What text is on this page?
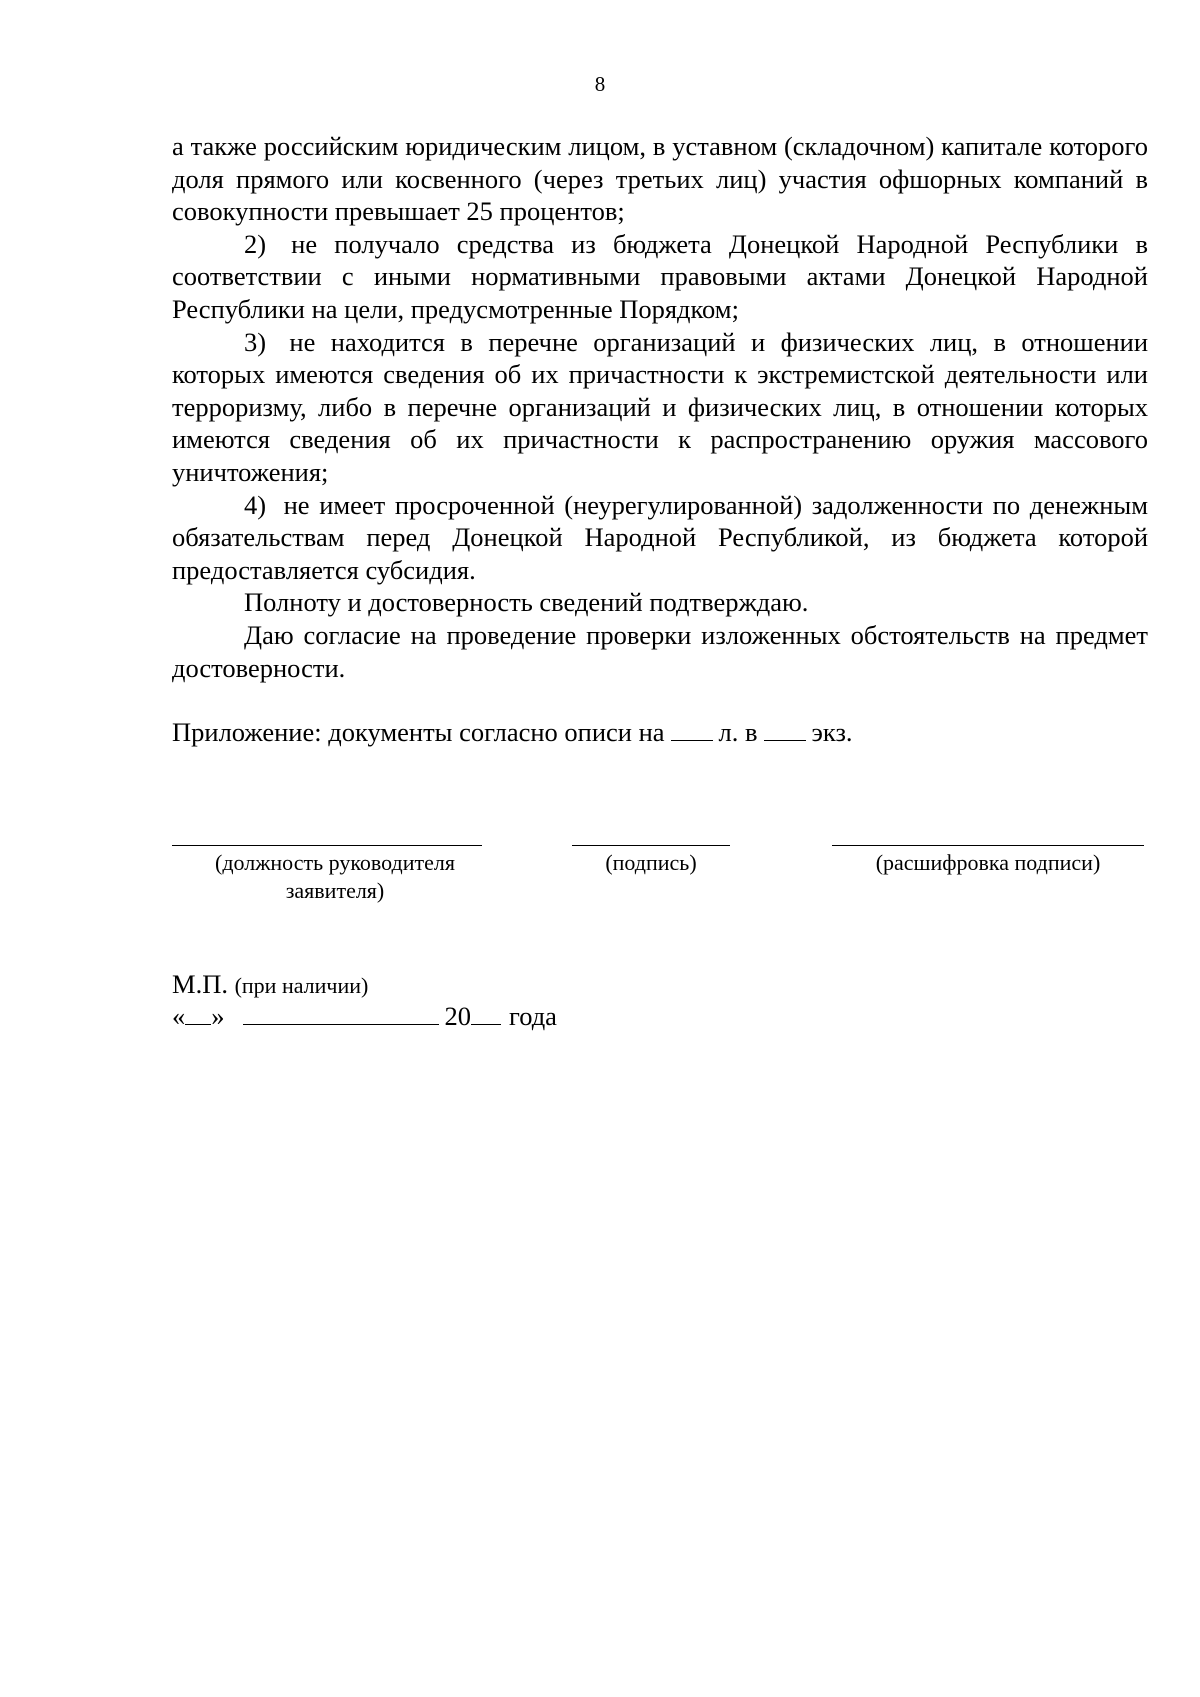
8

а также российским юридическим лицом, в уставном (складочном) капитале которого доля прямого или косвенного (через третьих лиц) участия офшорных компаний в совокупности превышает 25 процентов;

2) не получало средства из бюджета Донецкой Народной Республики в соответствии с иными нормативными правовыми актами Донецкой Народной Республики на цели, предусмотренные Порядком;

3) не находится в перечне организаций и физических лиц, в отношении которых имеются сведения об их причастности к экстремистской деятельности или терроризму, либо в перечне организаций и физических лиц, в отношении которых имеются сведения об их причастности к распространению оружия массового уничтожения;

4) не имеет просроченной (неурегулированной) задолженности по денежным обязательствам перед Донецкой Народной Республикой, из бюджета которой предоставляется субсидия.

Полноту и достоверность сведений подтверждаю.

Даю согласие на проведение проверки изложенных обстоятельств на предмет достоверности.

Приложение: документы согласно описи на л. в экз.
(должность руководителя заявителя)
(подпись)	(расшифровка подписи)
М.П. (при наличии)
« »	20 года
